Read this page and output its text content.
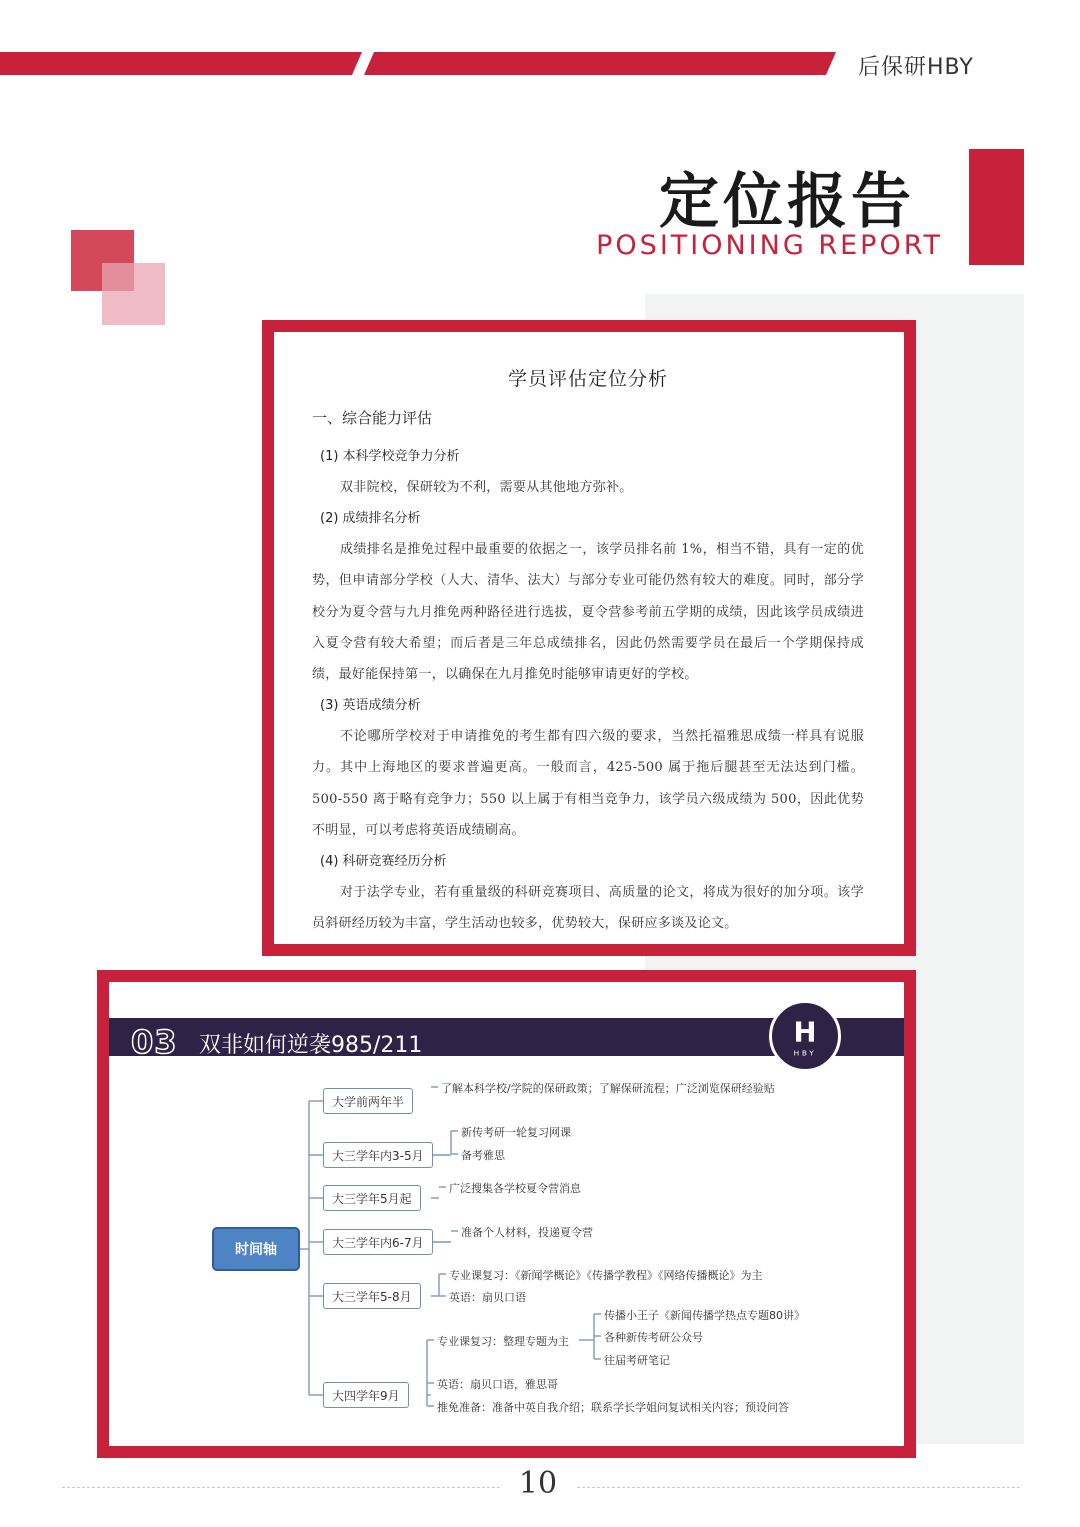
后保研HBY
定位报告
POSITIONING REPORT
学员评估定位分析
一、综合能力评估
(1) 本科学校竞争力分析

双非院校，保研较为不利，需要从其他地方弥补。

(2) 成绩排名分析

成绩排名是推免过程中最重要的依据之一，该学员排名前 1%，相当不错，具有一定的优势，但申请部分学校（人大、清华、法大）与部分专业可能仍然有较大的难度。同时，部分学校分为夏令营与九月推免两种路径进行选拔，夏令营参考前五学期的成绩，因此该学员成绩进入夏令营有较大希望；而后者是三年总成绩排名，因此仍然需要学员在最后一个学期保持成绩，最好能保持第一，以确保在九月推免时能够审请更好的学校。

(3) 英语成绩分析

不论哪所学校对于申请推免的考生都有四六级的要求，当然托福雅思成绩一样具有说服力。其中上海地区的要求普遍更高。一般而言，425-500 属于拖后腿甚至无法达到门槛。500-550 离于略有竞争力；550 以上属于有相当竞争力，该学员六级成绩为 500，因此优势不明显，可以考虑将英语成绩刷高。

(4) 科研竞赛经历分析

对于法学专业，若有重量级的科研竞赛项目、高质量的论文，将成为很好的加分项。该学员斜研经历较为丰富，学生活动也较多，优势较大，保研应多谈及论文。

03 双非如何逆袭985/211	H
HBY
时间轴
大学前两年半
了解本科学校/学院的保研政策；了解保研流程；广泛浏览保研经验贴
大三学年内3-5月
新传考研一轮复习网课
备考雅思
大三学年5月起
广泛搜集各学校夏令营消息
大三学年内6-7月
准备个人材料，投递夏令营
大三学年5-8月
专业课复习：《新闻学概论》《传播学教程》《网络传播概论》为主
英语：扇贝口语
大四学年9月
专业课复习：整理专题为主
英语：扇贝口语，雅思哥
推免准备：准备中英自我介绍；联系学长学姐问复试相关内容；预设问答
传播小王子《新闻传播学热点专题80讲》
各种新传考研公众号
往届考研笔记
10
